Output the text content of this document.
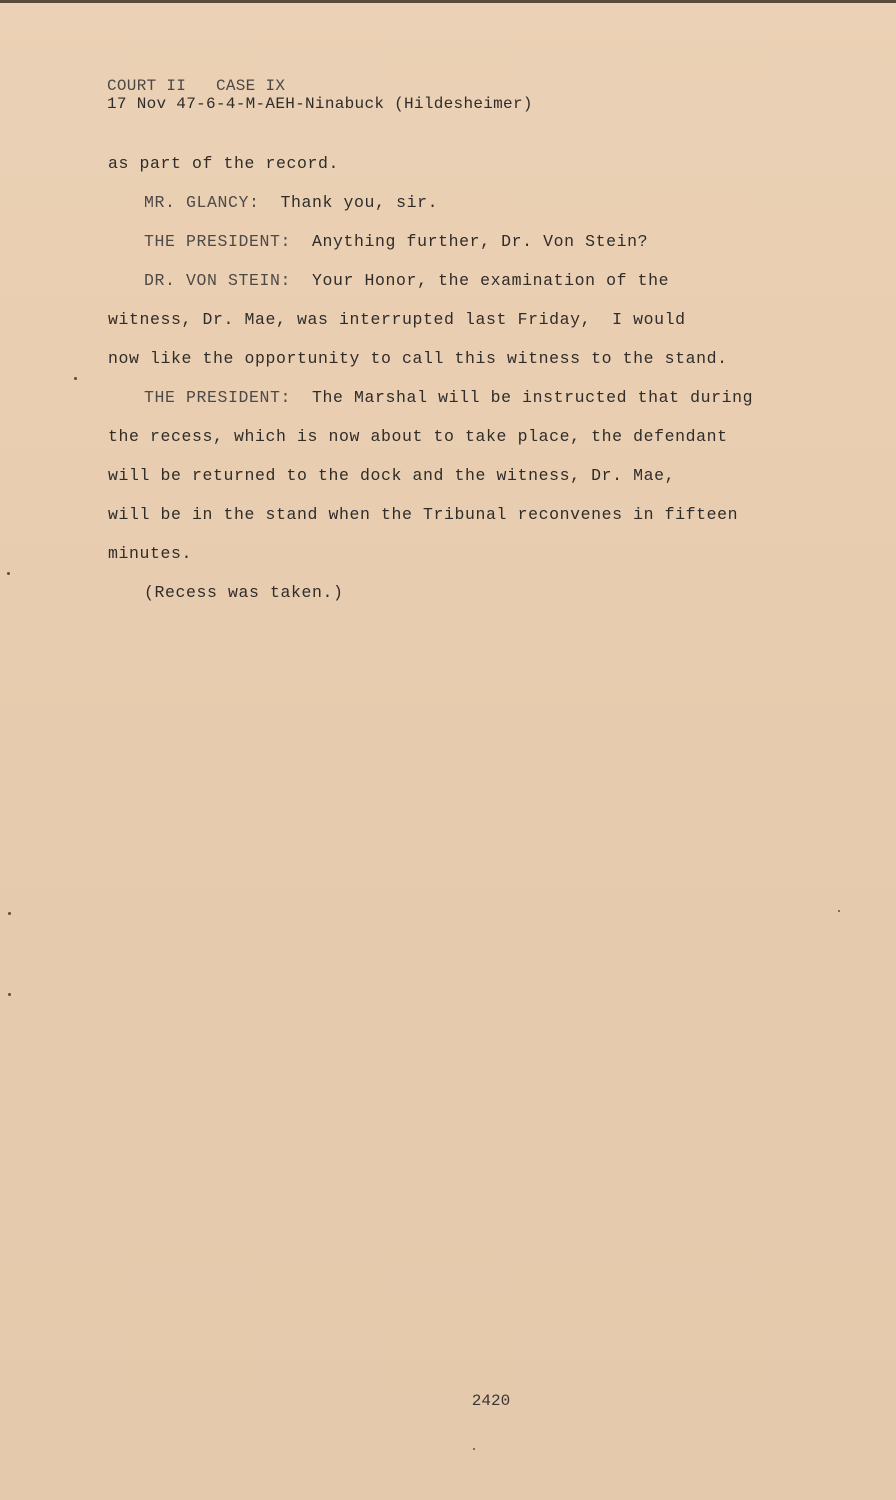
COURT II CASE IX
17 Nov 47-6-4-M-AEH-Ninabuck (Hildesheimer)
as part of the record.
MR. GLANCY: Thank you, sir.
THE PRESIDENT: Anything further, Dr. Von Stein?
DR. VON STEIN: Your Honor, the examination of the
witness, Dr. Mae, was interrupted last Friday,  I would
now like the opportunity to call this witness to the stand.
THE PRESIDENT: The Marshal will be instructed that during
the recess, which is now about to take place, the defendant
will be returned to the dock and the witness, Dr. Mae,
will be in the stand when the Tribunal reconvenes in fifteen
minutes.
(Recess was taken.)
2420
